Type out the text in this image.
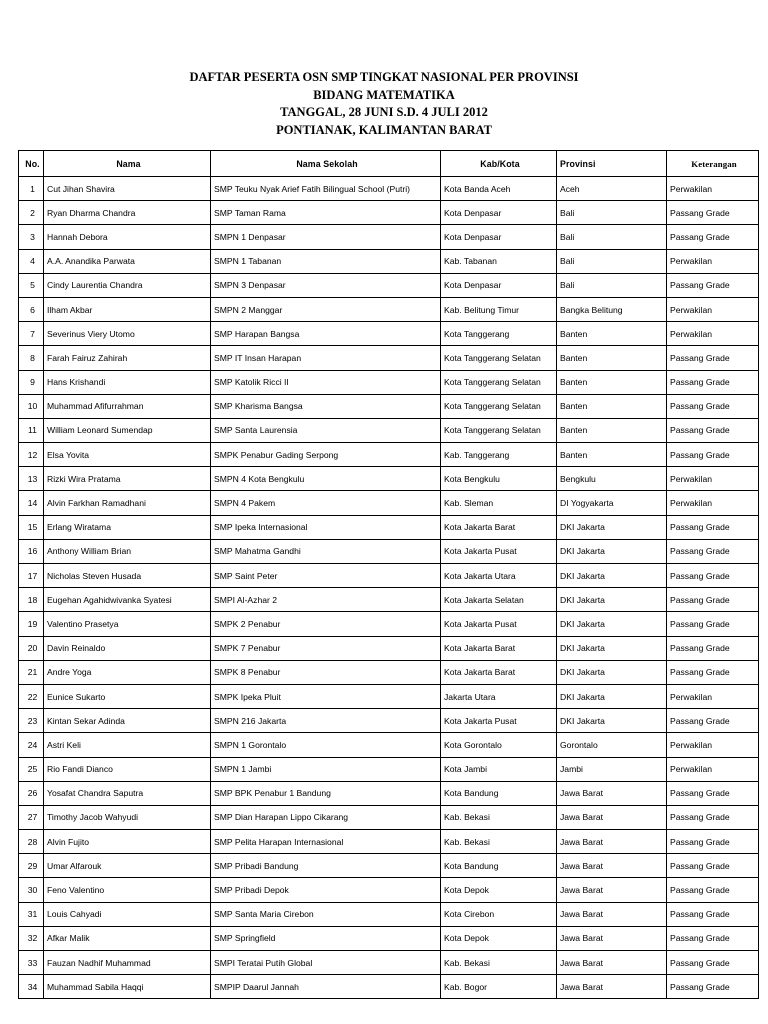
DAFTAR PESERTA OSN SMP TINGKAT NASIONAL PER PROVINSI
BIDANG MATEMATIKA
TANGGAL, 28 JUNI S.D. 4 JULI 2012
PONTIANAK, KALIMANTAN BARAT
No.	Nama	Nama Sekolah	Kab/Kota	Provinsi	Keterangan
1	Cut Jihan Shavira	SMP Teuku Nyak Arief Fatih Bilingual School (Putri)	Kota Banda Aceh	Aceh	Perwakilan
2	Ryan Dharma Chandra	SMP Taman Rama	Kota Denpasar	Bali	Passang Grade
3	Hannah Debora	SMPN 1 Denpasar	Kota Denpasar	Bali	Passang Grade
4	A.A. Anandika Parwata	SMPN 1 Tabanan	Kab. Tabanan	Bali	Perwakilan
5	Cindy Laurentia Chandra	SMPN 3 Denpasar	Kota Denpasar	Bali	Passang Grade
6	Ilham Akbar	SMPN 2 Manggar	Kab. Belitung Timur	Bangka Belitung	Perwakilan
7	Severinus Viery Utomo	SMP Harapan Bangsa	Kota Tanggerang	Banten	Perwakilan
8	Farah Fairuz Zahirah	SMP IT Insan Harapan	Kota Tanggerang Selatan	Banten	Passang Grade
9	Hans Krishandi	SMP Katolik Ricci II	Kota Tanggerang Selatan	Banten	Passang Grade
10	Muhammad Afifurrahman	SMP Kharisma Bangsa	Kota Tanggerang Selatan	Banten	Passang Grade
11	William Leonard Sumendap	SMP Santa Laurensia	Kota Tanggerang Selatan	Banten	Passang Grade
12	Elsa Yovita	SMPK Penabur Gading Serpong	Kab. Tanggerang	Banten	Passang Grade
13	Rizki Wira Pratama	SMPN 4 Kota Bengkulu	Kota Bengkulu	Bengkulu	Perwakilan
14	Alvin Farkhan Ramadhani	SMPN 4 Pakem	Kab. Sleman	DI Yogyakarta	Perwakilan
15	Erlang Wiratama	SMP Ipeka Internasional	Kota Jakarta Barat	DKI Jakarta	Passang Grade
16	Anthony William Brian	SMP Mahatma Gandhi	Kota Jakarta Pusat	DKI Jakarta	Passang Grade
17	Nicholas Steven Husada	SMP Saint Peter	Kota Jakarta Utara	DKI Jakarta	Passang Grade
18	Eugehan Agahidwivanka Syatesi	SMPI Al-Azhar 2	Kota Jakarta Selatan	DKI Jakarta	Passang Grade
19	Valentino Prasetya	SMPK 2 Penabur	Kota Jakarta Pusat	DKI Jakarta	Passang Grade
20	Davin Reinaldo	SMPK 7 Penabur	Kota Jakarta Barat	DKI Jakarta	Passang Grade
21	Andre Yoga	SMPK 8 Penabur	Kota Jakarta Barat	DKI Jakarta	Passang Grade
22	Eunice Sukarto	SMPK Ipeka Pluit	Jakarta Utara	DKI Jakarta	Perwakilan
23	Kintan Sekar Adinda	SMPN 216 Jakarta	Kota Jakarta Pusat	DKI Jakarta	Passang Grade
24	Astri Keli	SMPN 1 Gorontalo	Kota Gorontalo	Gorontalo	Perwakilan
25	Rio Fandi Dianco	SMPN 1 Jambi	Kota Jambi	Jambi	Perwakilan
26	Yosafat Chandra Saputra	SMP BPK Penabur 1 Bandung	Kota Bandung	Jawa Barat	Passang Grade
27	Timothy Jacob Wahyudi	SMP Dian Harapan Lippo Cikarang	Kab. Bekasi	Jawa Barat	Passang Grade
28	Alvin Fujito	SMP Pelita Harapan Internasional	Kab. Bekasi	Jawa Barat	Passang Grade
29	Umar Alfarouk	SMP Pribadi Bandung	Kota Bandung	Jawa Barat	Passang Grade
30	Feno Valentino	SMP Pribadi Depok	Kota Depok	Jawa Barat	Passang Grade
31	Louis Cahyadi	SMP Santa Maria Cirebon	Kota Cirebon	Jawa Barat	Passang Grade
32	Afkar Malik	SMP Springfield	Kota Depok	Jawa Barat	Passang Grade
33	Fauzan Nadhif Muhammad	SMPI Teratai Putih Global	Kab. Bekasi	Jawa Barat	Passang Grade
34	Muhammad Sabila Haqqi	SMPIP Daarul Jannah	Kab. Bogor	Jawa Barat	Passang Grade
